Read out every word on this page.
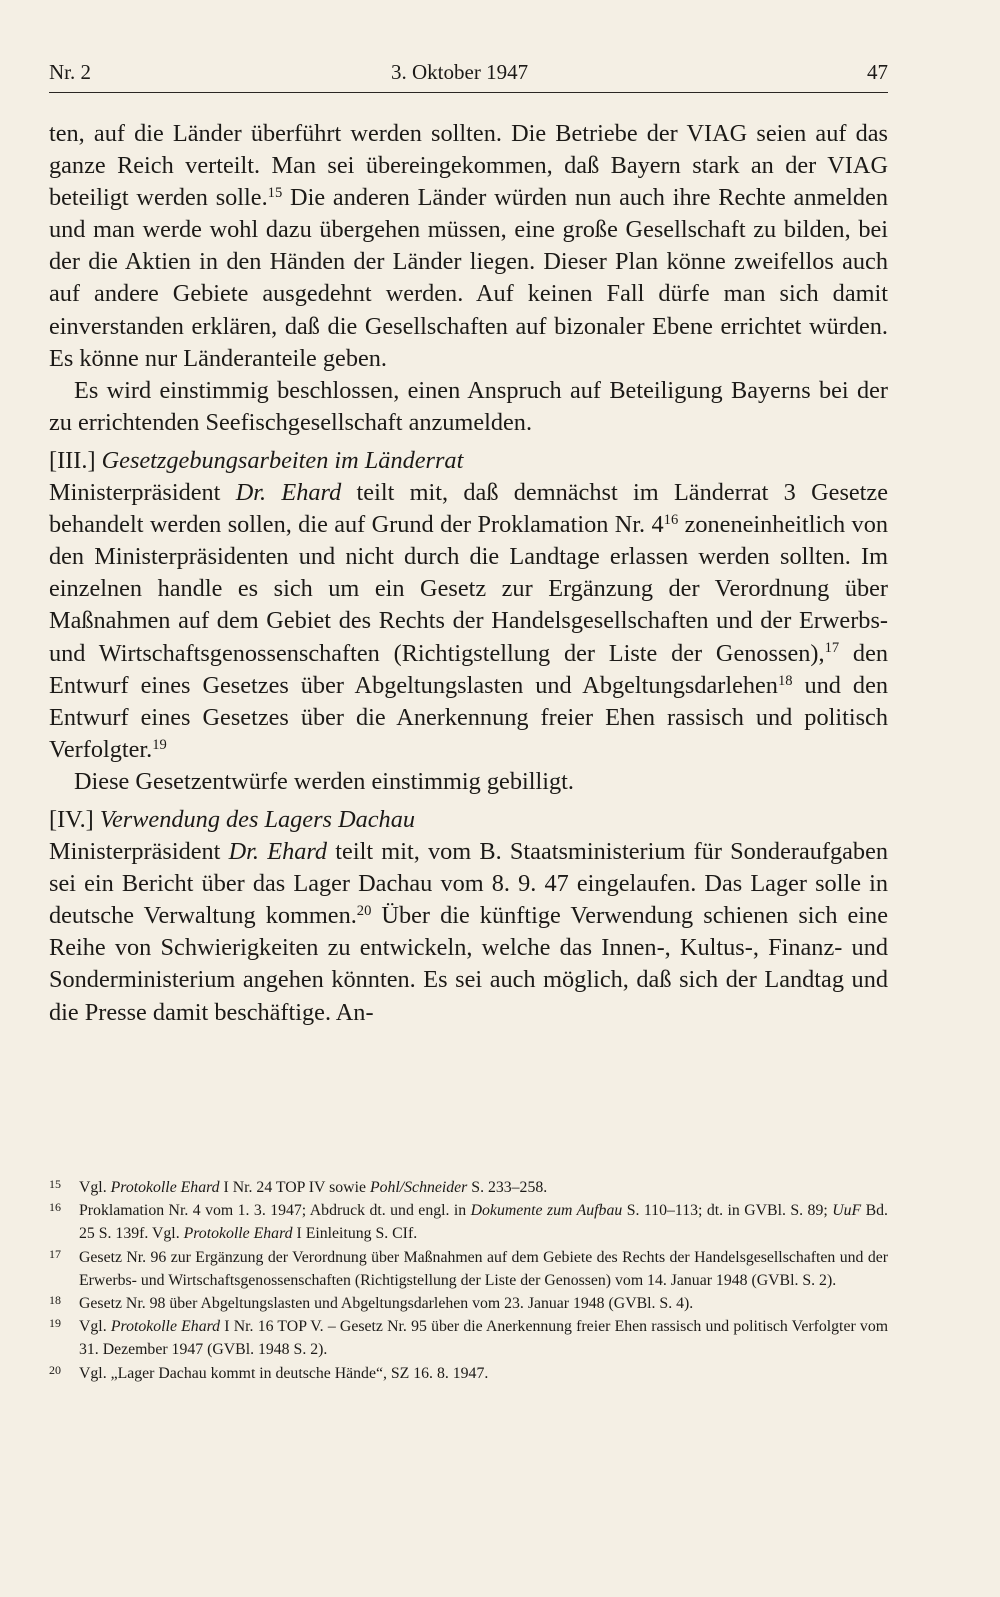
Nr. 2	3. Oktober 1947	47

ten, auf die Länder überführt werden sollten. Die Betriebe der VIAG seien auf das ganze Reich verteilt. Man sei übereingekommen, daß Bayern stark an der VIAG beteiligt werden solle.$^{15}$ Die anderen Länder würden nun auch ihre Rechte anmelden und man werde wohl dazu übergehen müssen, eine große Gesellschaft zu bilden, bei der die Aktien in den Händen der Länder liegen. Dieser Plan könne zweifellos auch auf andere Gebiete ausgedehnt werden. Auf keinen Fall dürfe man sich damit einverstanden erklären, daß die Gesellschaften auf bizonaler Ebene errichtet würden. Es könne nur Länderanteile geben.

Es wird einstimmig beschlossen, einen Anspruch auf Beteiligung Bayerns bei der zu errichtenden Seefischgesellschaft anzumelden.

[III.] Gesetzgebungsarbeiten im Länderrat

Ministerpräsident Dr. Ehard teilt mit, daß demnächst im Länderrat 3 Gesetze behandelt werden sollen, die auf Grund der Proklamation Nr. $4^{16}$ zoneneinheitlich von den Ministerpräsidenten und nicht durch die Landtage erlassen werden sollten. Im einzelnen handle es sich um ein Gesetz zur Ergänzung der Verordnung über Maßnahmen auf dem Gebiet des Rechts der Handelsgesellschaften und der Erwerbs- und Wirtschaftsgenossenschaften (Richtigstellung der Liste der Genossen),$^{17}$ den Entwurf eines Gesetzes über Abgeltungslasten und Abgeltungsdarlehen$^{18}$ und den Entwurf eines Gesetzes über die Anerkennung freier Ehen rassisch und politisch Verfolgter.$^{19}$

Diese Gesetzentwürfe werden einstimmig gebilligt.

[IV.] Verwendung des Lagers Dachau

Ministerpräsident Dr. Ehard teilt mit, vom B. Staatsministerium für Sonderaufgaben sei ein Bericht über das Lager Dachau vom 8. 9. 47 eingelaufen. Das Lager solle in deutsche Verwaltung kommen.$^{20}$ Über die künftige Verwendung schienen sich eine Reihe von Schwierigkeiten zu entwickeln, welche das Innen-, Kultus-, Finanz- und Sonderministerium angehen könnten. Es sei auch möglich, daß sich der Landtag und die Presse damit beschäftige. An-

15 Vgl. Protokolle Ehard I Nr. 24 TOP IV sowie Pohl/Schneider S. 233–258.
16 Proklamation Nr. 4 vom 1. 3. 1947; Abdruck dt. und engl. in Dokumente zum Aufbau S. 110–113; dt. in GVBl. S. 89; UuF Bd. 25 S. 139f. Vgl. Protokolle Ehard I Einleitung S. CIf.
17 Gesetz Nr. 96 zur Ergänzung der Verordnung über Maßnahmen auf dem Gebiete des Rechts der Handelsgesellschaften und der Erwerbs- und Wirtschaftsgenossenschaften (Richtigstellung der Liste der Genossen) vom 14. Januar 1948 (GVBl. S. 2).
18 Gesetz Nr. 98 über Abgeltungslasten und Abgeltungsdarlehen vom 23. Januar 1948 (GVBl. S. 4).
19 Vgl. Protokolle Ehard I Nr. 16 TOP V. – Gesetz Nr. 95 über die Anerkennung freier Ehen rassisch und politisch Verfolgter vom 31. Dezember 1947 (GVBl. 1948 S. 2).
20 Vgl. „Lager Dachau kommt in deutsche Hände“, SZ 16. 8. 1947.
